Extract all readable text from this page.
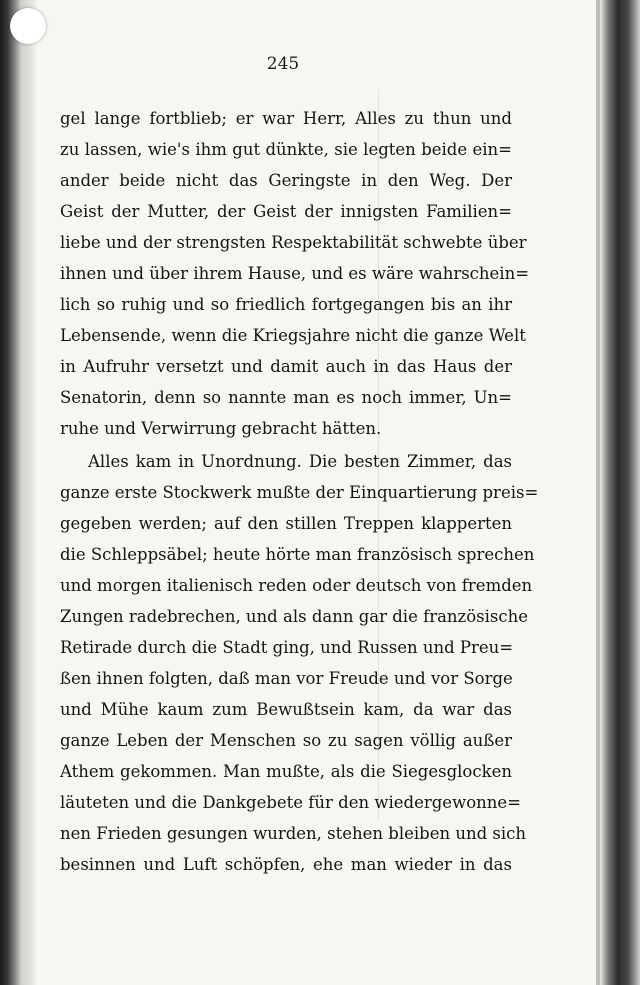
245
gel lange fortblieb; er war Herr, Alles zu thun und
zu lassen, wie's ihm gut dünkte, sie legten beide ein=
ander beide nicht das Geringste in den Weg. Der
Geist der Mutter, der Geist der innigsten Familien=
liebe und der strengsten Respektabilität schwebte über
ihnen und über ihrem Hause, und es wäre wahrschein=
lich so ruhig und so friedlich fortgegangen bis an ihr
Lebensende, wenn die Kriegsjahre nicht die ganze Welt
in Aufruhr versetzt und damit auch in das Haus der
Senatorin, denn so nannte man es noch immer, Un=
ruhe und Verwirrung gebracht hätten.
Alles kam in Unordnung. Die besten Zimmer, das
ganze erste Stockwerk mußte der Einquartierung preis=
gegeben werden; auf den stillen Treppen klapperten
die Schleppsäbel; heute hörte man französisch sprechen
und morgen italienisch reden oder deutsch von fremden
Zungen radebrechen, und als dann gar die französische
Retirade durch die Stadt ging, und Russen und Preu=
ßen ihnen folgten, daß man vor Freude und vor Sorge
und Mühe kaum zum Bewußtsein kam, da war das
ganze Leben der Menschen so zu sagen völlig außer
Athem gekommen. Man mußte, als die Siegesglocken
läuteten und die Dankgebete für den wiedergewonne=
nen Frieden gesungen wurden, stehen bleiben und sich
besinnen und Luft schöpfen, ehe man wieder in das
